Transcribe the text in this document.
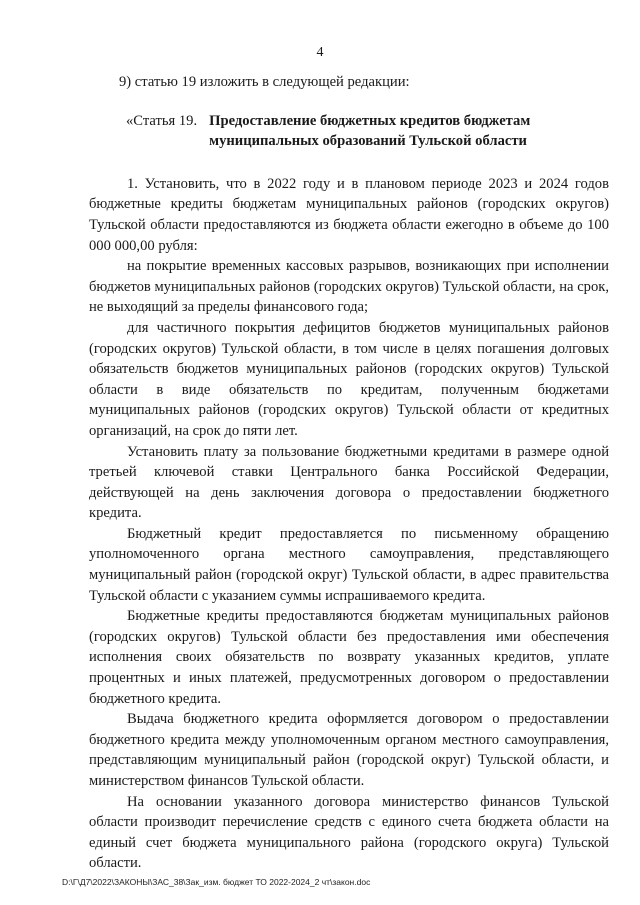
4

9) статью 19 изложить в следующей редакции:

«Статья 19. Предоставление бюджетных кредитов бюджетам муниципальных образований Тульской области

1. Установить, что в 2022 году и в плановом периоде 2023 и 2024 годов бюджетные кредиты бюджетам муниципальных районов (городских округов) Тульской области предоставляются из бюджета области ежегодно в объеме до 100 000 000,00 рубля:

на покрытие временных кассовых разрывов, возникающих при исполнении бюджетов муниципальных районов (городских округов) Тульской области, на срок, не выходящий за пределы финансового года;

для частичного покрытия дефицитов бюджетов муниципальных районов (городских округов) Тульской области, в том числе в целях погашения долговых обязательств бюджетов муниципальных районов (городских округов) Тульской области в виде обязательств по кредитам, полученным бюджетами муниципальных районов (городских округов) Тульской области от кредитных организаций, на срок до пяти лет.

Установить плату за пользование бюджетными кредитами в размере одной третьей ключевой ставки Центрального банка Российской Федерации, действующей на день заключения договора о предоставлении бюджетного кредита.

Бюджетный кредит предоставляется по письменному обращению уполномоченного органа местного самоуправления, представляющего муниципальный район (городской округ) Тульской области, в адрес правительства Тульской области с указанием суммы испрашиваемого кредита.

Бюджетные кредиты предоставляются бюджетам муниципальных районов (городских округов) Тульской области без предоставления ими обеспечения исполнения своих обязательств по возврату указанных кредитов, уплате процентных и иных платежей, предусмотренных договором о предоставлении бюджетного кредита.

Выдача бюджетного кредита оформляется договором о предоставлении бюджетного кредита между уполномоченным органом местного самоуправления, представляющим муниципальный район (городской округ) Тульской области, и министерством финансов Тульской области.

На основании указанного договора министерство финансов Тульской области производит перечисление средств с единого счета бюджета области на единый счет бюджета муниципального района (городского округа) Тульской области.

D:\Г\Д7\2022\ЗАКОНЫ\ЗАС_38\Зак_изм. бюджет ТО 2022-2024_2 чт\закон.doc
